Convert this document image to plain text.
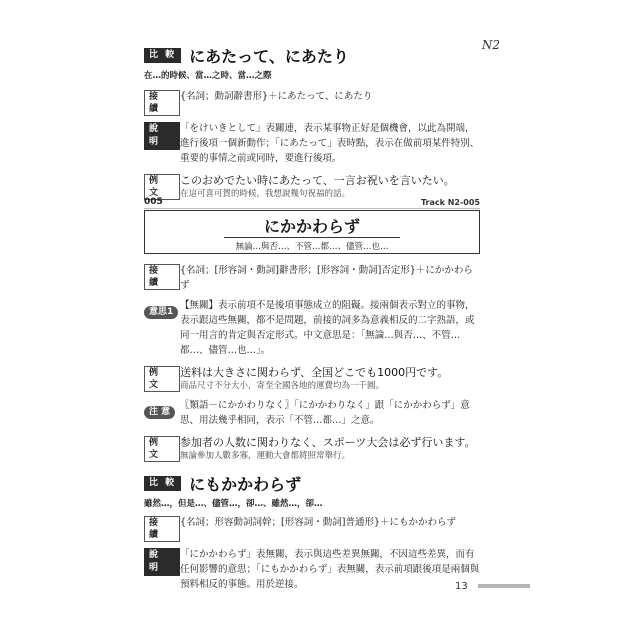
N2
比 較 にあたって、にあたり
在…的時候、當…之時、當…之際
接 續
{名詞；動詞辭書形}＋にあたって、にあたり
說 明
「をけいきとして」表關連，表示某事物正好是個機會，以此為開端，進行後項一個新動作；「にあたって」表時點，表示在做前項某件特別、重要的事情之前或同時，要進行後項。
例 文
このおめでたい時にあたって、一言お祝いを言いたい。
在這可喜可賀的時候，我想說幾句祝福的話。
005	Track N2-005
にかかわらず
無論…與否…、不管…都…、儘管…也…
接 續
{名詞；[形容詞・動詞]辭書形；[形容詞・動詞]否定形}＋にかかわらず
意思1
【無關】表示前項不是後項事態成立的阻礙。接兩個表示對立的事物，表示跟這些無關，都不是問題，前接的詞多為意義相反的二字熟語，或同一用言的肯定與否定形式。中文意思是：「無論…與否…、不管…都…、儘管…也…」。
例 文
送料は大きさに関わらず、全国どこでも1000円です。
商品尺寸不分大小，寄至全國各地的運費均為一千圓。
注 意
〖類語－にかかわりなく〗「にかかわりなく」跟「にかかわらず」意思、用法幾乎相同，表示「不管…都…」之意。
例 文
参加者の人数に関わりなく、スポーツ大会は必ず行います。
無論參加人數多寡，運動大會都將照常舉行。
比 較 にもかかわらず
雖然…，但是…、儘管…，卻…、雖然…，卻…
接 續
{名詞；形容動詞詞幹；[形容詞・動詞]普通形}＋にもかかわらず
說 明
「にかかわらず」表無關，表示與這些差異無關，不因這些差異，而有任何影響的意思；「にもかかわらず」表無關，表示前項跟後項是兩個與預料相反的事態。用於逆接。	13
